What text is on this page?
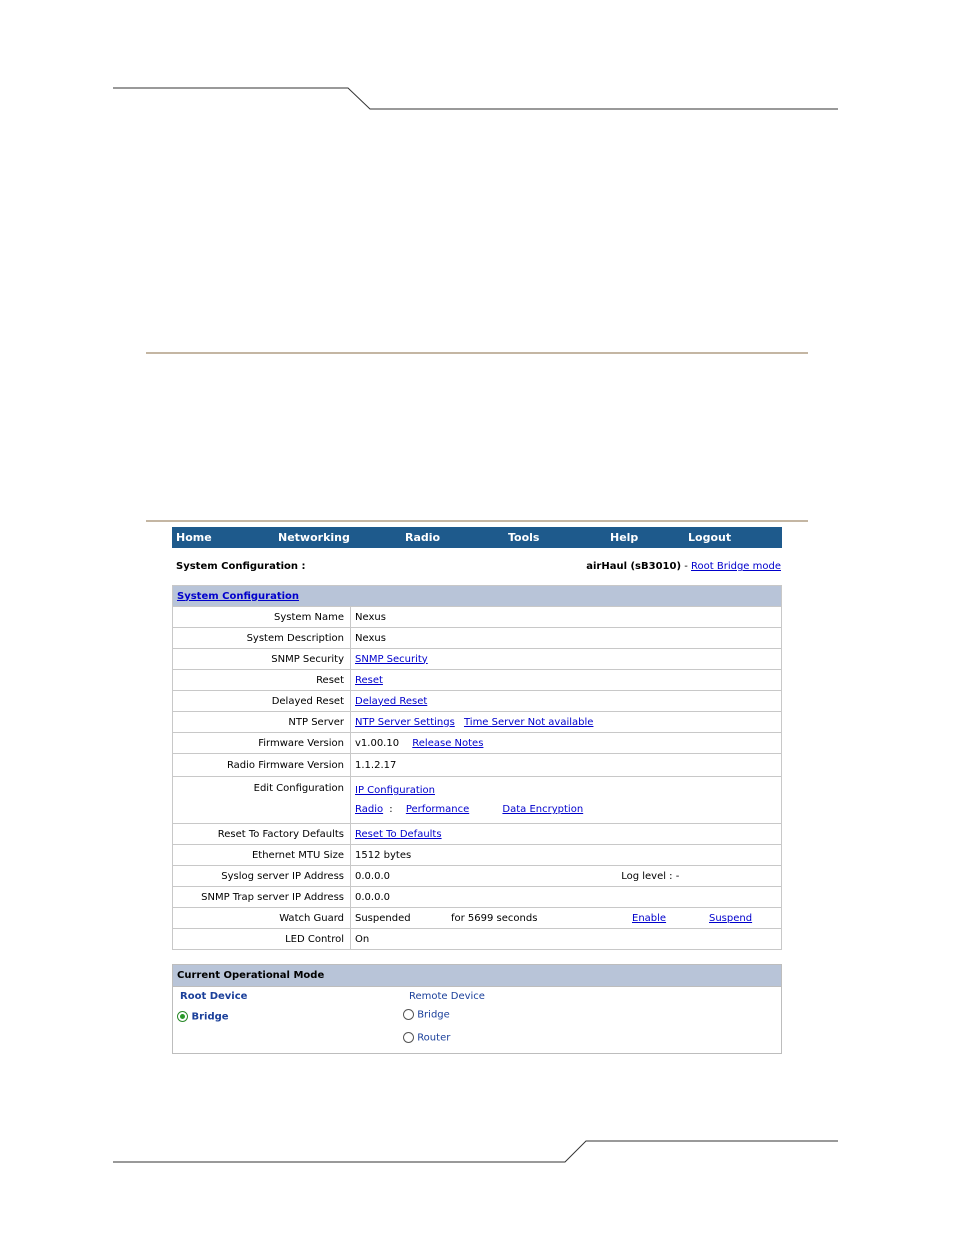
Home	Networking	Radio	Tools	Help	Logout
System Configuration :	airHaul (sB3010) - Root Bridge mode
System Configuration	
System Name	Nexus
System Description	Nexus
SNMP Security	SNMP Security
Reset	Reset
Delayed Reset	Delayed Reset
NTP Server	NTP Server Settings Time Server Not available
Firmware Version	v1.00.10 Release Notes
Radio Firmware Version	1.1.2.17
Edit Configuration	IP Configuration
Radio : Performance Data Encryption

Reset To Factory Defaults	Reset To Defaults
Ethernet MTU Size	1512 bytes
Syslog server IP Address	0.0.0.0 Log level : -
SNMP Trap server IP Address	0.0.0.0
Watch Guard	Suspended for 5699 seconds Enable Suspend
LED Control	On
Current Operational Mode
Root Device
Bridge
Remote Device
Bridge
Router
